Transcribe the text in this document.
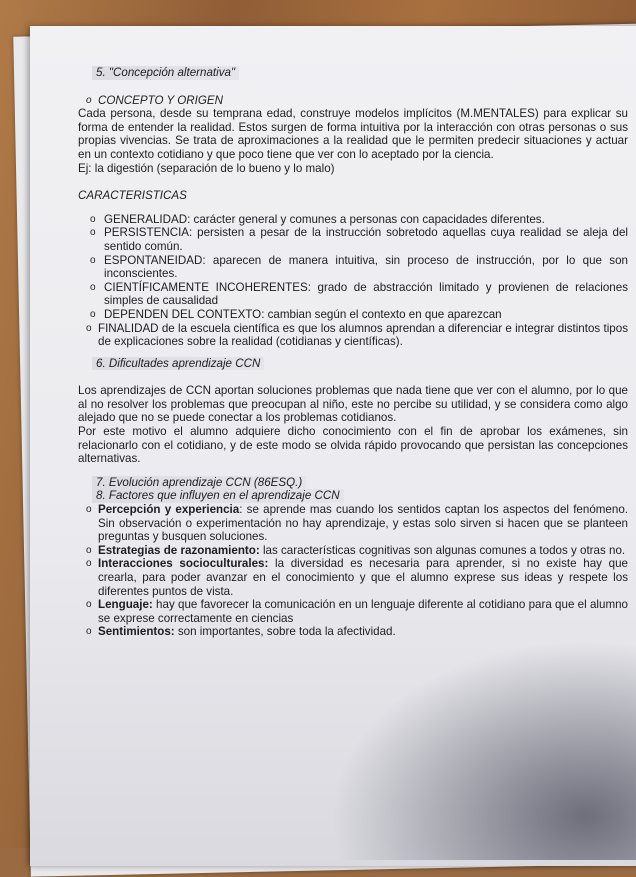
5. "Concepción alternativa"

o CONCEPTO Y ORIGEN

Cada persona, desde su temprana edad, construye modelos implícitos (M.MENTALES) para explicar su forma de entender la realidad. Estos surgen de forma intuitiva por la interacción con otras personas o sus propias vivencias. Se trata de aproximaciones a la realidad que le permiten predecir situaciones y actuar en un contexto cotidiano y que poco tiene que ver con lo aceptado por la ciencia.

Ej: la digestión (separación de lo bueno y lo malo)

CARACTERISTICAS

o GENERALIDAD: carácter general y comunes a personas con capacidades diferentes.

o PERSISTENCIA: persisten a pesar de la instrucción sobretodo aquellas cuya realidad se aleja del sentido común.

o ESPONTANEIDAD: aparecen de manera intuitiva, sin proceso de instrucción, por lo que son inconscientes.

o CIENTÍFICAMENTE INCOHERENTES: grado de abstracción limitado y provienen de relaciones simples de causalidad

o DEPENDEN DEL CONTEXTO: cambian según el contexto en que aparezcan

o FINALIDAD de la escuela científica es que los alumnos aprendan a diferenciar e integrar distintos tipos de explicaciones sobre la realidad (cotidianas y científicas).

6. Dificultades aprendizaje CCN

Los aprendizajes de CCN aportan soluciones problemas que nada tiene que ver con el alumno, por lo que al no resolver los problemas que preocupan al niño, este no percibe su utilidad, y se considera como algo alejado que no se puede conectar a los problemas cotidianos.

Por este motivo el alumno adquiere dicho conocimiento con el fin de aprobar los exámenes, sin relacionarlo con el cotidiano, y de este modo se olvida rápido provocando que persistan las concepciones alternativas.

7. Evolución aprendizaje CCN (86ESQ.)
8. Factores que influyen en el aprendizaje CCN

o Percepción y experiencia: se aprende mas cuando los sentidos captan los aspectos del fenómeno. Sin observación o experimentación no hay aprendizaje, y estas solo sirven si hacen que se planteen preguntas y busquen soluciones.

o Estrategias de razonamiento: las características cognitivas son algunas comunes a todos y otras no.

o Interacciones socioculturales: la diversidad es necesaria para aprender, si no existe hay que crearla, para poder avanzar en el conocimiento y que el alumno exprese sus ideas y respete los diferentes puntos de vista.

o Lenguaje: hay que favorecer la comunicación en un lenguaje diferente al cotidiano para que el alumno se exprese correctamente en ciencias

o Sentimientos: son importantes, sobre toda la afectividad.
